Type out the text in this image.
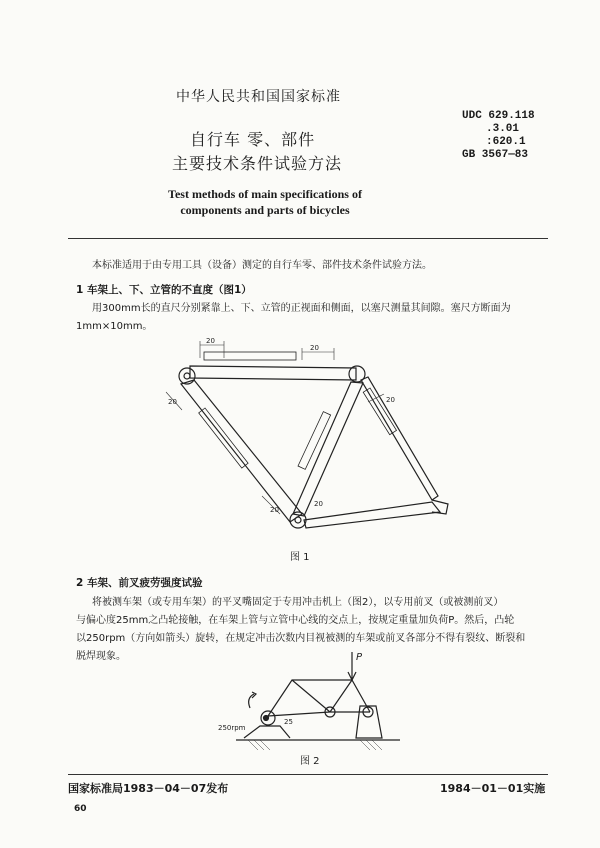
中华人民共和国国家标准
UDC 629.118
.3.01
:620.1
GB 3567—83
自行车 零、部件
主要技术条件试验方法
Test methods of main specifications of
components and parts of bicycles
本标准适用于由专用工具（设备）测定的自行车零、部件技术条件试验方法。
1 车架上、下、立管的不直度（图1）
用300mm长的直尺分别紧靠上、下、立管的正视面和侧面，以塞尺测量其间隙。塞尺方断面为
1mm×10mm。
20
20
20	20
20
20
图 1
2 车架、前叉疲劳强度试验
将被测车架（或专用车架）的平叉嘴固定于专用冲击机上（图2），以专用前叉（或被测前叉）
与偏心度25mm之凸轮接触，在车架上管与立管中心线的交点上，按规定重量加负荷P。然后，凸轮
以250rpm（方向如箭头）旋转，在规定冲击次数内目视被测的车架或前叉各部分不得有裂纹、断裂和
脱焊现象。	P
250rpm
25
图 2
国家标准局1983－04－07发布	1984－01－01实施
60
